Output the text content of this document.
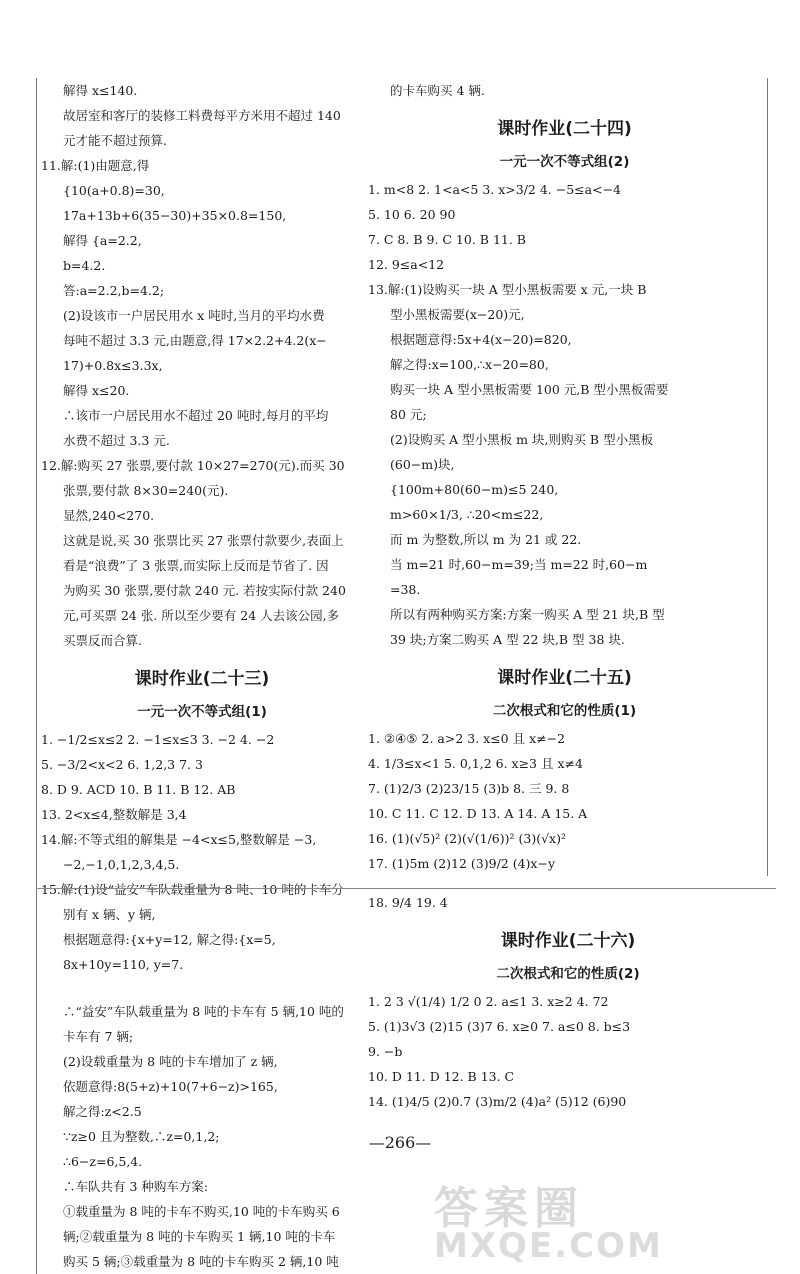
解得 x≤140.
故居室和客厅的装修工料费每平方米用不超过 140
元才能不超过预算.
11.解:(1)由题意,得
{10(a+0.8)=30,
17a+13b+6(35−30)+35×0.8=150,
解得 {a=2.2,
b=4.2.
答:a=2.2,b=4.2;
(2)设该市一户居民用水 x 吨时,当月的平均水费
每吨不超过 3.3 元,由题意,得 17×2.2+4.2(x−
17)+0.8x≤3.3x,
解得 x≤20.
∴该市一户居民用水不超过 20 吨时,每月的平均
水费不超过 3.3 元.
12.解:购买 27 张票,要付款 10×27=270(元).而买 30
张票,要付款 8×30=240(元).
显然,240<270.
这就是说,买 30 张票比买 27 张票付款要少,表面上
看是“浪费”了 3 张票,而实际上反而是节省了. 因
为购买 30 张票,要付款 240 元. 若按实际付款 240
元,可买票 24 张. 所以至少要有 24 人去该公园,多
买票反而合算.
课时作业(二十三)
一元一次不等式组(1)
1. −1/2≤x≤2 2. −1≤x≤3 3. −2 4. −2
5. −3/2<x<2 6. 1,2,3 7. 3
8. D 9. ACD 10. B 11. B 12. AB
13. 2<x≤4,整数解是 3,4
14.解:不等式组的解集是 −4<x≤5,整数解是 −3,
−2,−1,0,1,2,3,4,5.
15.解:(1)设“益安”车队载重量为 8 吨、10 吨的卡车分
别有 x 辆、y 辆,
根据题意得:{x+y=12, 解之得:{x=5,
8x+10y=110, y=7.
∴“益安”车队载重量为 8 吨的卡车有 5 辆,10 吨的
卡车有 7 辆;
(2)设载重量为 8 吨的卡车增加了 z 辆,
依题意得:8(5+z)+10(7+6−z)>165,
解之得:z<2.5
∵z≥0 且为整数,∴z=0,1,2;
∴6−z=6,5,4.
∴车队共有 3 种购车方案:
①载重量为 8 吨的卡车不购买,10 吨的卡车购买 6
辆;②载重量为 8 吨的卡车购买 1 辆,10 吨的卡车
购买 5 辆;③载重量为 8 吨的卡车购买 2 辆,10 吨
的卡车购买 4 辆.
课时作业(二十四)
一元一次不等式组(2)
1. m<8 2. 1<a<5 3. x>3/2 4. −5≤a<−4
5. 10 6. 20 90
7. C 8. B 9. C 10. B 11. B
12. 9≤a<12
13.解:(1)设购买一块 A 型小黑板需要 x 元,一块 B
型小黑板需要(x−20)元,
根据题意得:5x+4(x−20)=820,
解之得:x=100,∴x−20=80,
购买一块 A 型小黑板需要 100 元,B 型小黑板需要
80 元;
(2)设购买 A 型小黑板 m 块,则购买 B 型小黑板
(60−m)块,
{100m+80(60−m)≤5 240,
m>60×1/3, ∴20<m≤22,
而 m 为整数,所以 m 为 21 或 22.
当 m=21 时,60−m=39;当 m=22 时,60−m
=38.
所以有两种购买方案:方案一购买 A 型 21 块,B 型
39 块;方案二购买 A 型 22 块,B 型 38 块.
课时作业(二十五)
二次根式和它的性质(1)
1. ②④⑤ 2. a>2 3. x≤0 且 x≠−2
4. 1/3≤x<1 5. 0,1,2 6. x≥3 且 x≠4
7. (1)2/3 (2)23/15 (3)b 8. 三 9. 8
10. C 11. C 12. D 13. A 14. A 15. A
16. (1)(√5)² (2)(√(1/6))² (3)(√x)²
17. (1)5m (2)12 (3)9/2 (4)x−y
18. 9/4 19. 4
课时作业(二十六)
二次根式和它的性质(2)
1. 2 3 √(1/4) 1/2 0 2. a≤1 3. x≥2 4. 72
5. (1)3√3 (2)15 (3)7 6. x≥0 7. a≤0 8. b≤3
9. −b
10. D 11. D 12. B 13. C
14. (1)4/5 (2)0.7 (3)m/2 (4)a² (5)12 (6)90
—266—
答案圈
MXQE.COM
